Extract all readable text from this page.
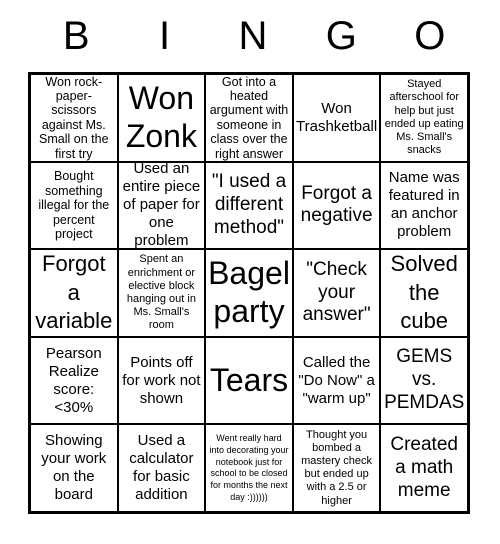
B	I	N	G	O
Won rock-paper-scissors against Ms. Small on the first try
Won Zonk
Got into a heated argument with someone in class over the right answer
Won Trashketball
Stayed afterschool for help but just ended up eating Ms. Small's snacks
Bought something illegal for the percent project
Used an entire piece of paper for one problem
"I used a different method"
Forgot a negative
Name was featured in an anchor problem
Forgot a variable
Spent an enrichment or elective block hanging out in Ms. Small's room
Bagel party
"Check your answer"
Solved the cube
Pearson Realize score: <30%
Points off for work not shown
Tears Called the "Do Now" a "warm up"
GEMS vs. PEMDAS
Showing your work on the board
Used a calculator for basic addition
Went really hard into decorating your notebook just for school to be closed for months the next day :))))))
Thought you bombed a mastery check but ended up with a 2.5 or higher
Created a math meme
